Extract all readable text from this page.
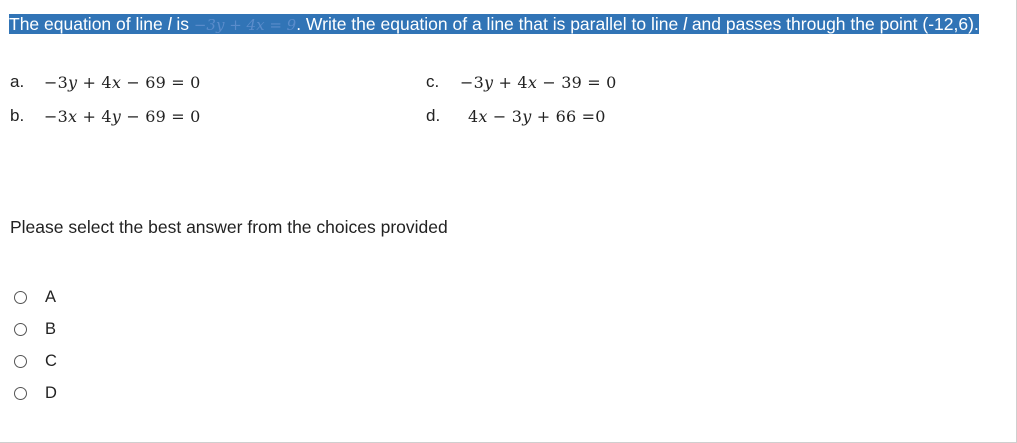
The equation of line l is −3y + 4x = 9. Write the equation of a line that is parallel to line l and passes through the point (-12,6).
a.	−3y + 4x − 69 = 0
b.	−3x + 4y − 69 = 0
c.	−3y + 4x − 39 = 0
d.	4x − 3y + 66 =0
Please select the best answer from the choices provided
A
B
C
D
